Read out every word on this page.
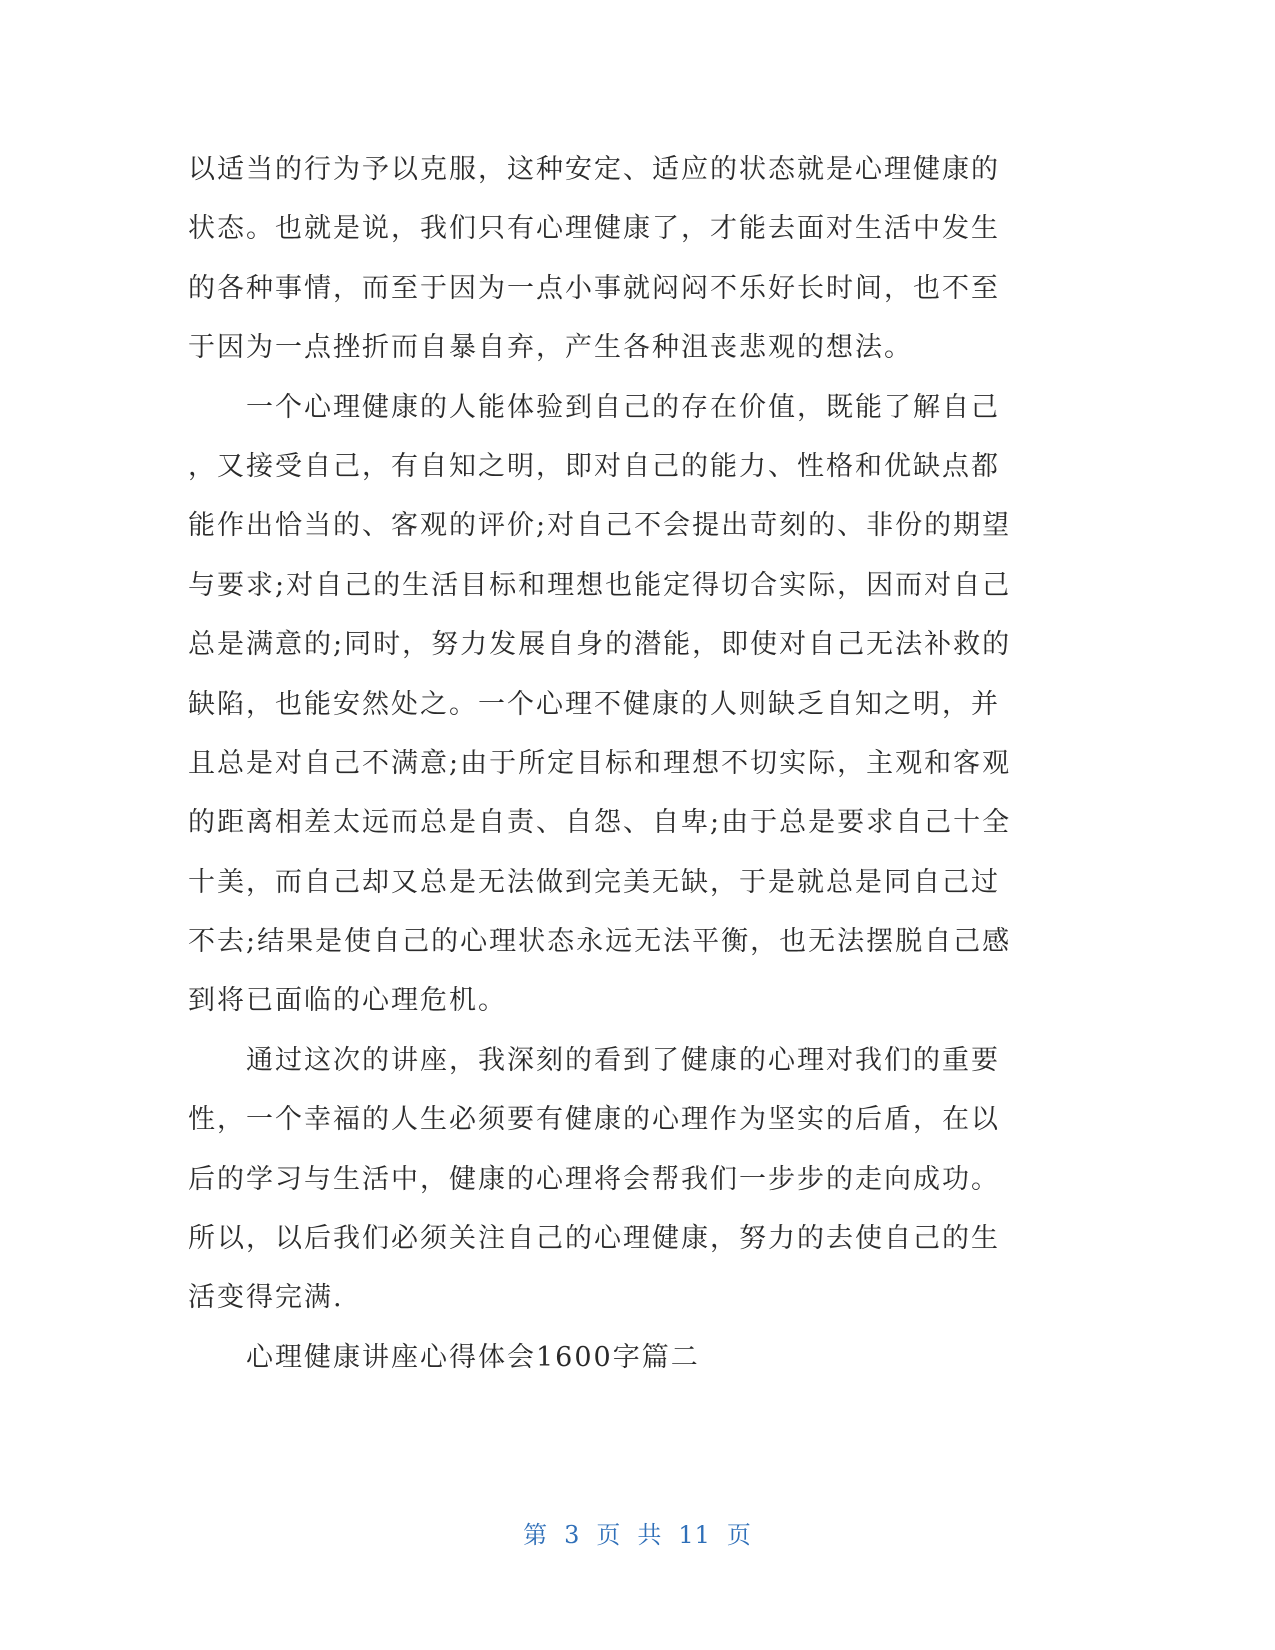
以适当的行为予以克服，这种安定、适应的状态就是心理健康的
状态。也就是说，我们只有心理健康了，才能去面对生活中发生
的各种事情，而至于因为一点小事就闷闷不乐好长时间，也不至
于因为一点挫折而自暴自弃，产生各种沮丧悲观的想法。
　　一个心理健康的人能体验到自己的存在价值，既能了解自己
，又接受自己，有自知之明，即对自己的能力、性格和优缺点都
能作出恰当的、客观的评价;对自己不会提出苛刻的、非份的期望
与要求;对自己的生活目标和理想也能定得切合实际，因而对自己
总是满意的;同时，努力发展自身的潜能，即使对自己无法补救的
缺陷，也能安然处之。一个心理不健康的人则缺乏自知之明，并
且总是对自己不满意;由于所定目标和理想不切实际，主观和客观
的距离相差太远而总是自责、自怨、自卑;由于总是要求自己十全
十美，而自己却又总是无法做到完美无缺，于是就总是同自己过
不去;结果是使自己的心理状态永远无法平衡，也无法摆脱自己感
到将已面临的心理危机。
　　通过这次的讲座，我深刻的看到了健康的心理对我们的重要
性，一个幸福的人生必须要有健康的心理作为坚实的后盾，在以
后的学习与生活中，健康的心理将会帮我们一步步的走向成功。
所以，以后我们必须关注自己的心理健康，努力的去使自己的生
活变得完满.
　　心理健康讲座心得体会1600字篇二
第 3 页 共 11 页
